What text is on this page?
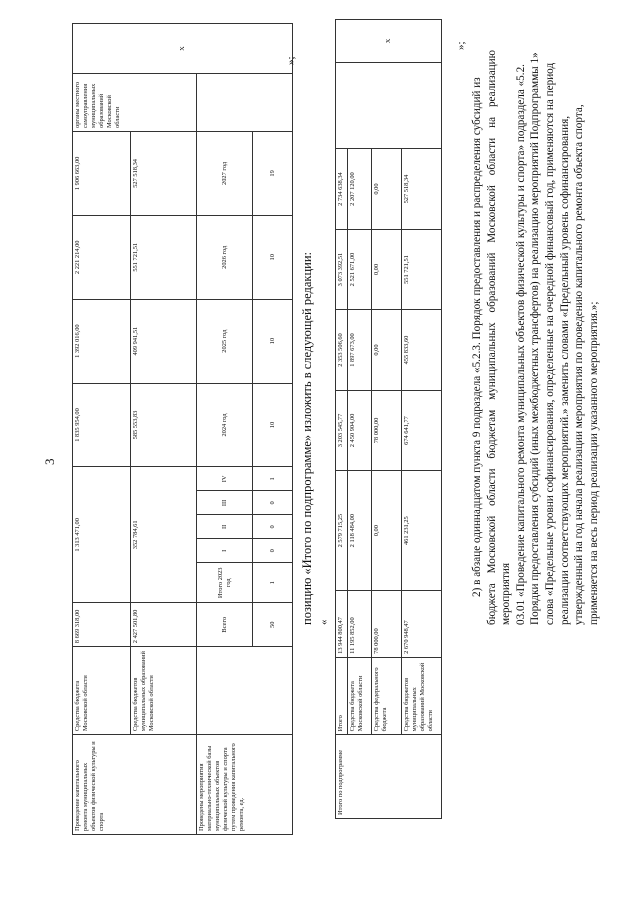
3
Проведение капитального ремонта муниципальных объектов физической культуры и спорта	Средства бюджета Московской области	8 669 318,00	1 313 471,00					1 835 954,00	1 392 016,00	2 221 214,00	1 906 663,00	органы местного самоуправления муниципальных образований Московской области	X
	Средства бюджетов муниципальных образований Московской области	2 427 501,80	352 784,61					585 553,83	409 941,51	551 721,51	527 518,34		
Проведены мероприятия материально-технической базы муниципальных объектов физической культуры и спорта путем проведения капитального ремонта, ед.		Всего	Итого 2023 год	I	II	III	IV	2024 год	2025 год	2026 год	2027 год		
		50	1	0	0	0	1	10	10	10	19		
»;
позицию «Итого по подпрограмме» изложить в следующей редакции: «
Итого по подпрограмме	Итого	13 944 800,47	2 579 715,25	3 203 545,77	2 353 506,60	3 073 392,51	2 734 638,34		X
	Средства бюджета Московской области	11 195 852,00	2 118 484,00	2 450 904,00	1 897 673,00	2 521 671,00	2 207 120,00		
	Средства федерального бюджета	78 000,00	0,00	78 000,00	0,00	0,00	0,00		
	Средства бюджетов муниципальных образований Московской области	2 670 948,47	461 231,25	674 641,77	455 833,60	551 721,51	527 518,34		
»;
2) в абзаце одиннадцатом пункта 9 подраздела «5.2.3. Порядок предоставления и распределения субсидий из бюджета Московской области бюджетам муниципальных образований Московской области на реализацию мероприятия 03.01 «Проведение капитального ремонта муниципальных объектов физической культуры и спорта» подраздела «5.2. Порядки предоставления субсидий (иных межбюджетных трансфертов) на реализацию мероприятий Подпрограммы 1» слова «Предельные уровни софинансирования, определенные на очередной финансовый год, применяются на период реализации соответствующих мероприятий.» заменить словами «Предельный уровень софинансирования, утвержденный на год начала реализации мероприятия по проведению капитального ремонта объекта спорта, применяется на весь период реализации указанного мероприятия.»;
